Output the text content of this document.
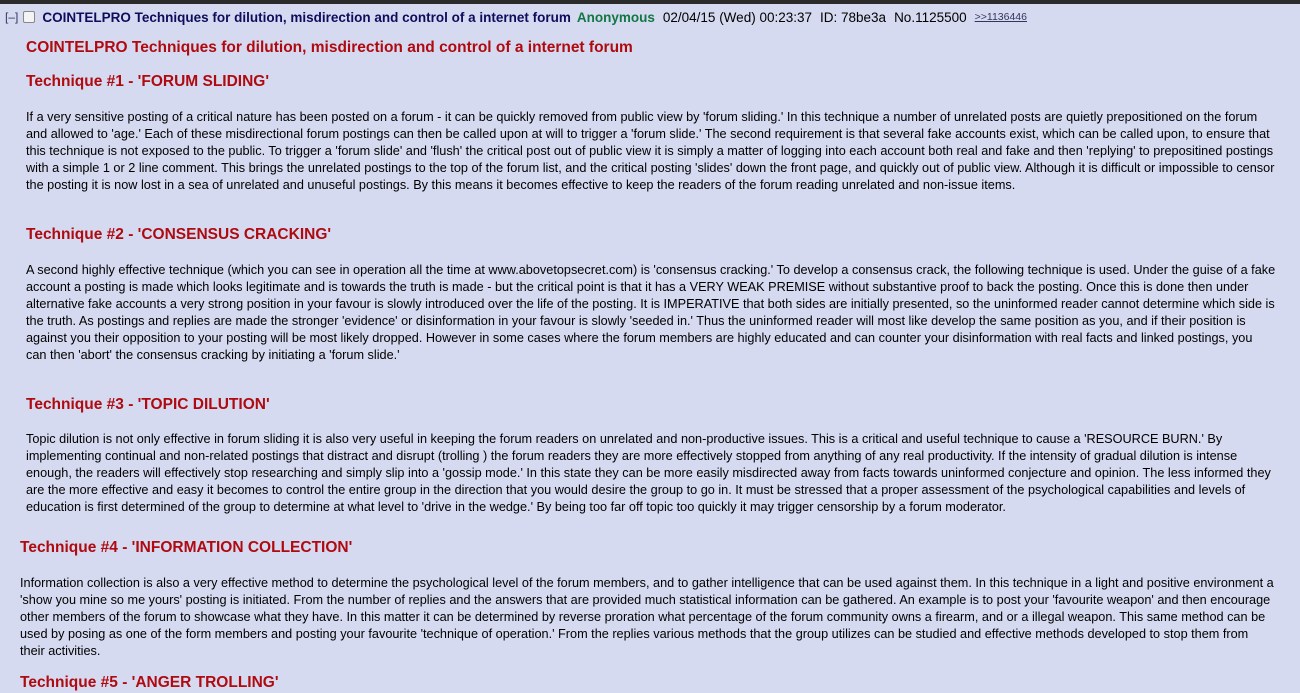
[–] COINTELPRO Techniques for dilution, misdirection and control of a internet forum Anonymous 02/04/15 (Wed) 00:23:37 ID: 78be3a No.1125500 >>1136446

COINTELPRO Techniques for dilution, misdirection and control of a internet forum

Technique #1 - 'FORUM SLIDING'

If a very sensitive posting of a critical nature has been posted on a forum - it can be quickly removed from public view by 'forum sliding.' In this technique a number of unrelated posts are quietly prepositioned on the forum and allowed to 'age.' Each of these misdirectional forum postings can then be called upon at will to trigger a 'forum slide.' The second requirement is that several fake accounts exist, which can be called upon, to ensure that this technique is not exposed to the public. To trigger a 'forum slide' and 'flush' the critical post out of public view it is simply a matter of logging into each account both real and fake and then 'replying' to prepositined postings with a simple 1 or 2 line comment. This brings the unrelated postings to the top of the forum list, and the critical posting 'slides' down the front page, and quickly out of public view. Although it is difficult or impossible to censor the posting it is now lost in a sea of unrelated and unuseful postings. By this means it becomes effective to keep the readers of the forum reading unrelated and non-issue items.

Technique #2 - 'CONSENSUS CRACKING'

A second highly effective technique (which you can see in operation all the time at www.abovetopsecret.com) is 'consensus cracking.' To develop a consensus crack, the following technique is used. Under the guise of a fake account a posting is made which looks legitimate and is towards the truth is made - but the critical point is that it has a VERY WEAK PREMISE without substantive proof to back the posting. Once this is done then under alternative fake accounts a very strong position in your favour is slowly introduced over the life of the posting. It is IMPERATIVE that both sides are initially presented, so the uninformed reader cannot determine which side is the truth. As postings and replies are made the stronger 'evidence' or disinformation in your favour is slowly 'seeded in.' Thus the uninformed reader will most like develop the same position as you, and if their position is against you their opposition to your posting will be most likely dropped. However in some cases where the forum members are highly educated and can counter your disinformation with real facts and linked postings, you can then 'abort' the consensus cracking by initiating a 'forum slide.'

Technique #3 - 'TOPIC DILUTION'

Topic dilution is not only effective in forum sliding it is also very useful in keeping the forum readers on unrelated and non-productive issues. This is a critical and useful technique to cause a 'RESOURCE BURN.' By implementing continual and non-related postings that distract and disrupt (trolling ) the forum readers they are more effectively stopped from anything of any real productivity. If the intensity of gradual dilution is intense enough, the readers will effectively stop researching and simply slip into a 'gossip mode.' In this state they can be more easily misdirected away from facts towards uninformed conjecture and opinion. The less informed they are the more effective and easy it becomes to control the entire group in the direction that you would desire the group to go in. It must be stressed that a proper assessment of the psychological capabilities and levels of education is first determined of the group to determine at what level to 'drive in the wedge.' By being too far off topic too quickly it may trigger censorship by a forum moderator.

Technique #4 - 'INFORMATION COLLECTION'

Information collection is also a very effective method to determine the psychological level of the forum members, and to gather intelligence that can be used against them. In this technique in a light and positive environment a 'show you mine so me yours' posting is initiated. From the number of replies and the answers that are provided much statistical information can be gathered. An example is to post your 'favourite weapon' and then encourage other members of the forum to showcase what they have. In this matter it can be determined by reverse proration what percentage of the forum community owns a firearm, and or a illegal weapon. This same method can be used by posing as one of the form members and posting your favourite 'technique of operation.' From the replies various methods that the group utilizes can be studied and effective methods developed to stop them from their activities.

Technique #5 - 'ANGER TROLLING'
